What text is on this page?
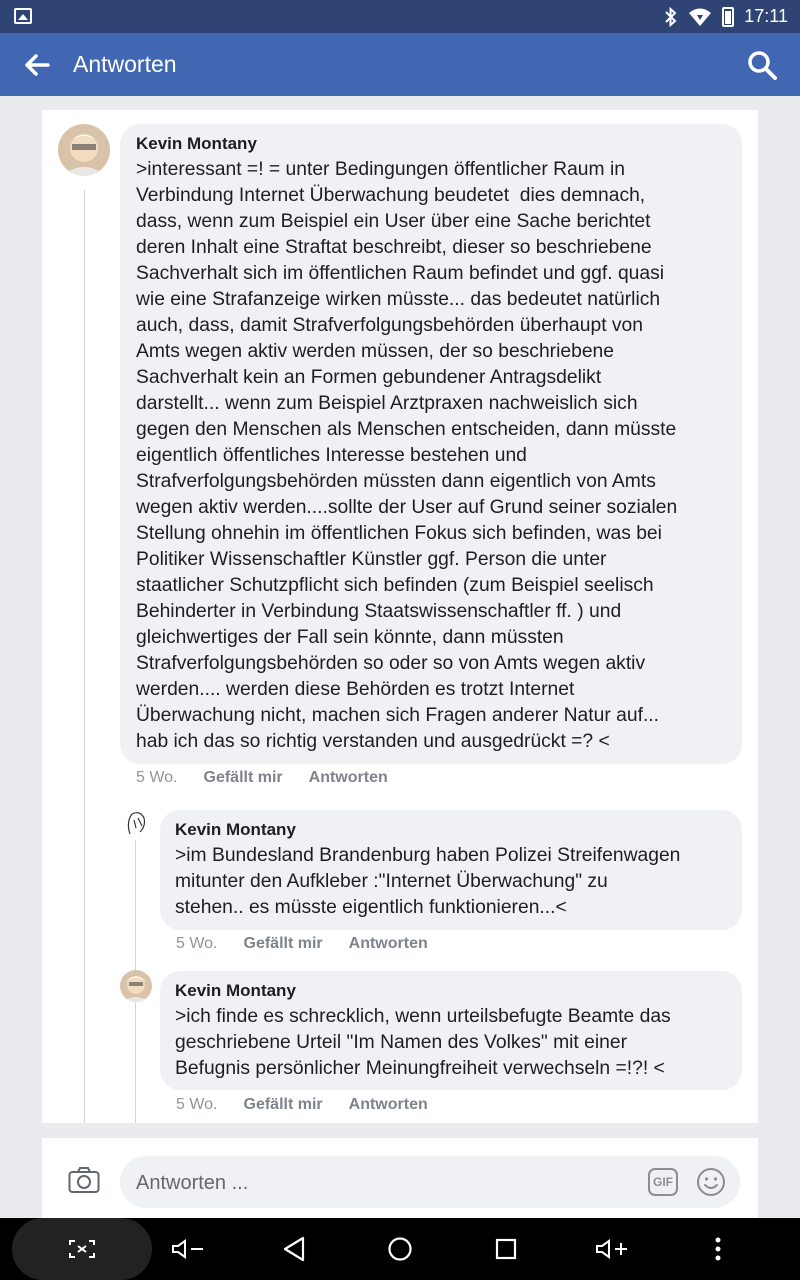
17:11
Antworten
Kevin Montany
>interessant =! = unter Bedingungen öffentlicher Raum in
Verbindung Internet Überwachung beudetet  dies demnach,
dass, wenn zum Beispiel ein User über eine Sache berichtet
deren Inhalt eine Straftat beschreibt, dieser so beschriebene
Sachverhalt sich im öffentlichen Raum befindet und ggf. quasi
wie eine Strafanzeige wirken müsste... das bedeutet natürlich
auch, dass, damit Strafverfolgungsbehörden überhaupt von
Amts wegen aktiv werden müssen, der so beschriebene
Sachverhalt kein an Formen gebundener Antragsdelikt
darstellt... wenn zum Beispiel Arztpraxen nachweislich sich
gegen den Menschen als Menschen entscheiden, dann müsste
eigentlich öffentliches Interesse bestehen und
Strafverfolgungsbehörden müssten dann eigentlich von Amts
wegen aktiv werden....sollte der User auf Grund seiner sozialen
Stellung ohnehin im öffentlichen Fokus sich befinden, was bei
Politiker Wissenschaftler Künstler ggf. Person die unter
staatlicher Schutzpflicht sich befinden (zum Beispiel seelisch
Behinderter in Verbindung Staatswissenschaftler ff. ) und
gleichwertiges der Fall sein könnte, dann müssten
Strafverfolgungsbehörden so oder so von Amts wegen aktiv
werden.... werden diese Behörden es trotzt Internet
Überwachung nicht, machen sich Fragen anderer Natur auf...
hab ich das so richtig verstanden und ausgedrückt =? <
5 Wo. Gefällt mir Antworten
Kevin Montany
>im Bundesland Brandenburg haben Polizei Streifenwagen
mitunter den Aufkleber :"Internet Überwachung" zu
stehen.. es müsste eigentlich funktionieren...<
5 Wo. Gefällt mir Antworten
Kevin Montany
>ich finde es schrecklich, wenn urteilsbefugte Beamte das
geschriebene Urteil "Im Namen des Volkes" mit einer
Befugnis persönlicher Meinungfreiheit verwechseln =!?! <
5 Wo. Gefällt mir Antworten
Antworten ...	GIF
